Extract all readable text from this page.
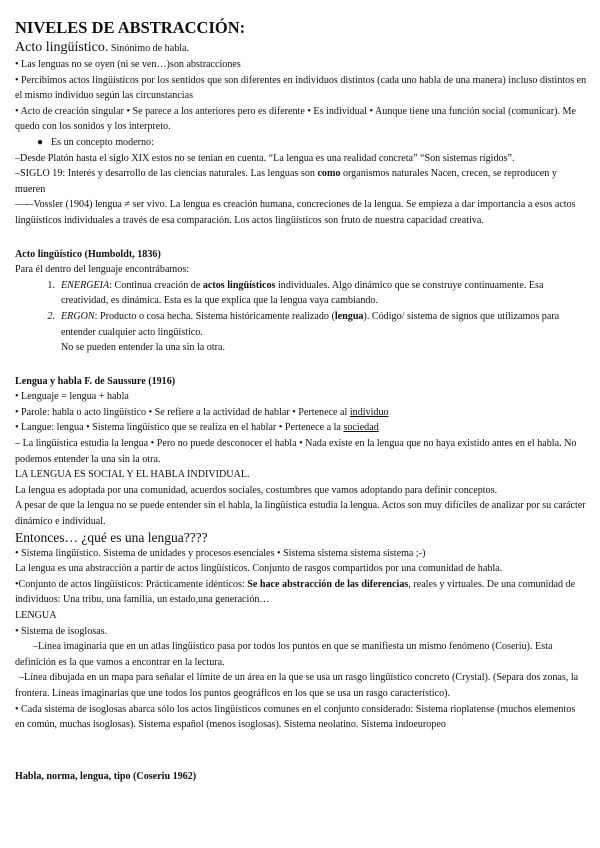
NIVELES DE ABSTRACCIÓN:
Acto lingüístico. Sinónimo de habla.

• Las lenguas no se oyen (ni se ven…)son abstracciones

• Percibimos actos lingüísticos por los sentidos que son diferentes en individuos distintos (cada uno habla de una manera) incluso distintos en el mismo individuo según las circunstancias

• Acto de creación singular • Se parece a los anteriores pero es diferente • Es individual • Aunque tiene una función social (comunicar). Me quedo con los sonidos y los interpreto.

● Es un concepto moderno:

–Desde Platón hasta el siglo XIX estos no se tenían en cuenta. “La lengua es una realidad concreta” “Son sistemas rígidos”.

–SIGLO 19: Interés y desarrollo de las ciencias naturales. Las lenguas son como organismos naturales Nacen, crecen, se reproducen y mueren

—-–Vossler (1904) lengua ≠ ser vivo. La lengua es creación humana, concreciones de la lengua. Se empieza a dar importancia a esos actos lingüísticos individuales a través de esa comparación. Los actos lingüísticos son fruto de nuestra capacidad creativa.

Acto lingüístico (Humboldt, 1836)

Para él dentro del lenguaje encontrábamos:

1. ENERGEIA: Continua creación de actos lingüísticos individuales. Algo dinámico que se construye continuamente. Esa creatividad, es dinámica. Esta es la que explica que la lengua vaya cambiando.
2. ERGON: Producto o cosa hecha. Sistema históricamente realizado (lengua). Código/ sistema de signos que utilizamos para entender cualquier acto lingüístico.
No se pueden entender la una sin la otra.

Lengua y habla F. de Saussure (1916)

• Lenguaje = lengua + habla

• Parole: habla o acto lingüístico • Se refiere a la actividad de hablar • Pertenece al individuo

• Langue: lengua • Sistema lingüístico que se realiza en el hablar • Pertenece a la sociedad

– La lingüística estudia la lengua • Pero no puede desconocer el habla • Nada existe en la lengua que no haya existido antes en el habla. No podemos entender la una sin la otra.

LA LENGUA ES SOCIAL Y EL HABLA INDIVIDUAL.

La lengua es adoptada por una comunidad, acuerdos sociales, costumbres que vamos adoptando para definir conceptos.

A pesar de que la lengua no se puede entender sin el habla, la lingüística estudia la lengua. Actos son muy difíciles de analizar por su carácter dinámico e individual.

Entonces… ¿qué es una lengua????

• Sistema lingüístico. Sistema de unidades y procesos esenciales • Sistema sistema sistema sistema ;-)

La lengua es una abstracción a partir de actos lingüísticos. Conjunto de rasgos compartidos por una comunidad de habla.

•Conjunto de actos lingüísticos: Prácticamente idénticos: Se hace abstracción de las diferencias, reales y virtuales. De una comunidad de individuos: Una tribu, una familia, un estado,una generación…

LENGUA

• Sistema de isoglosas.

–Línea imaginaria que en un atlas lingüístico pasa por todos los puntos en que se manifiesta un mismo fenómeno (Coseriu). Esta definición es la que vamos a encontrar en la lectura.

–Línea dibujada en un mapa para señalar el límite de un área en la que se usa un rasgo lingüístico concreto (Crystal). (Separa dos zonas, la frontera. Líneas imaginarias que une todos los puntos geográficos en los que se usa un rasgo característico).

• Cada sistema de isoglosas abarca sólo los actos lingüísticos comunes en el conjunto considerado: Sistema rioplatense (muchos elementos en común, muchas isoglosas). Sistema español (menos isoglosas). Sistema neolatino. Sistema indoeuropeo

Habla, norma, lengua, tipo (Coseriu 1962)
